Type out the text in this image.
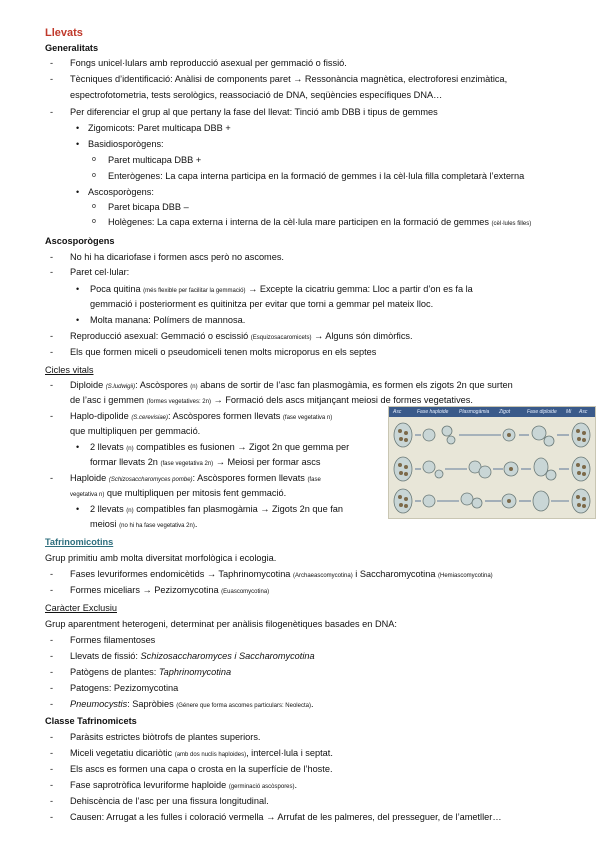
Llevats
Generalitats
- Fongs unicel·lulars amb reproducció asexual per gemmació o fissió.
- Tècniques d’identificació: Anàlisi de components paret → Ressonància magnètica, electroforesi enzimàtica,
espectrofotometria, tests serològics, reassociació de DNA, seqüències específiques DNA…
- Per diferenciar el grup al que pertany la fase del llevat: Tinció amb DBB i tipus de gemmes
• Zigomicots: Paret multicapa DBB +
• Basidiosporògens:
o Paret multicapa DBB +
o Enterògenes: La capa interna participa en la formació de gemmes i la cèl·lula filla completarà l’externa
• Ascosporògens:
o Paret bicapa DBB –
o Holègenes: La capa externa i interna de la cèl·lula mare participen en la formació de gemmes (cèl·lules filles)
Ascosporògens
- No hi ha dicariofase i formen ascs però no ascomes.
- Paret cel·lular:
• Poca quitina (més flexible per facilitar la gemmació) → Excepte la cicatriu gemma: Lloc a partir d’on es fa la
gemmació i posteriorment es quitinitza per evitar que torni a gemmar pel mateix lloc.
• Molta manana: Polímers de mannosa.
- Reproducció asexual: Gemmació o escissió (Esquizosacaromicets) → Alguns són dimòrfics.
- Els que formen miceli o pseudomiceli tenen molts microporus en els septes
Cicles vitals
- Diploide (S.ludwigii): Ascòspores (n) abans de sortir de l’asc fan plasmogàmia, es formen els zigots 2n que surten
de l’asc i gemmen (formes vegetatives: 2n) → Formació dels ascs mitjançant meiosi de formes vegetatives.
- Haplo-dipolide (S.cerevisiae): Ascòspores formen llevats (fase vegetativa n)
que multipliquen per gemmació.
• 2 llevats (n) compatibles es fusionen → Zigot 2n que gemma per
formar llevats 2n (fase vegetativa 2n) → Meiosi per formar ascs
- Haploide (Schizosaccharomyces pombe): Ascòspores formen llevats (fase
vegetativa n) que multipliquen per mitosis fent gemmació.
• 2 llevats (n) compatibles fan plasmogàmia → Zigots 2n que fan
meiosi (no hi ha fase vegetativa 2n).
Asc	Fase haploide Plasmogàmia Zigot	Fase diploide Mi Asc
Tafrinomicotins
Grup primitiu amb molta diversitat morfològica i ecologia.
- Fases levuriformes endomicètids → Taphrinomycotina (Archaeascomycotina) i Saccharomycotina (Hemiascomycotina)
- Formes miceliars → Pezizomycotina (Euascomycotina)
Caràcter Exclusiu
Grup aparentment heterogeni, determinat per anàlisis filogenètiques basades en DNA:
- Formes filamentoses
- Llevats de fissió: Schizosaccharomyces i Saccharomycotina
- Patògens de plantes: Taphrinomycotina
- Patogens: Pezizomycotina
- Pneumocystis: Sapròbies (Génere que forma ascomes particulars: Neolecta).
Classe Tafrinomicets
- Paràsits estrictes biòtrofs de plantes superiors.
- Miceli vegetatiu dicariòtic (amb dos nuclis haploides), intercel·lula i septat.
- Els ascs es formen una capa o crosta en la superfície de l’hoste.
- Fase saprotròfica levuriforme haploide (germinació ascòspores).
- Dehiscència de l’asc per una fissura longitudinal.
- Causen: Arrugat a les fulles i coloració vermella → Arrufat de les palmeres, del presseguer, de l’ametller…
